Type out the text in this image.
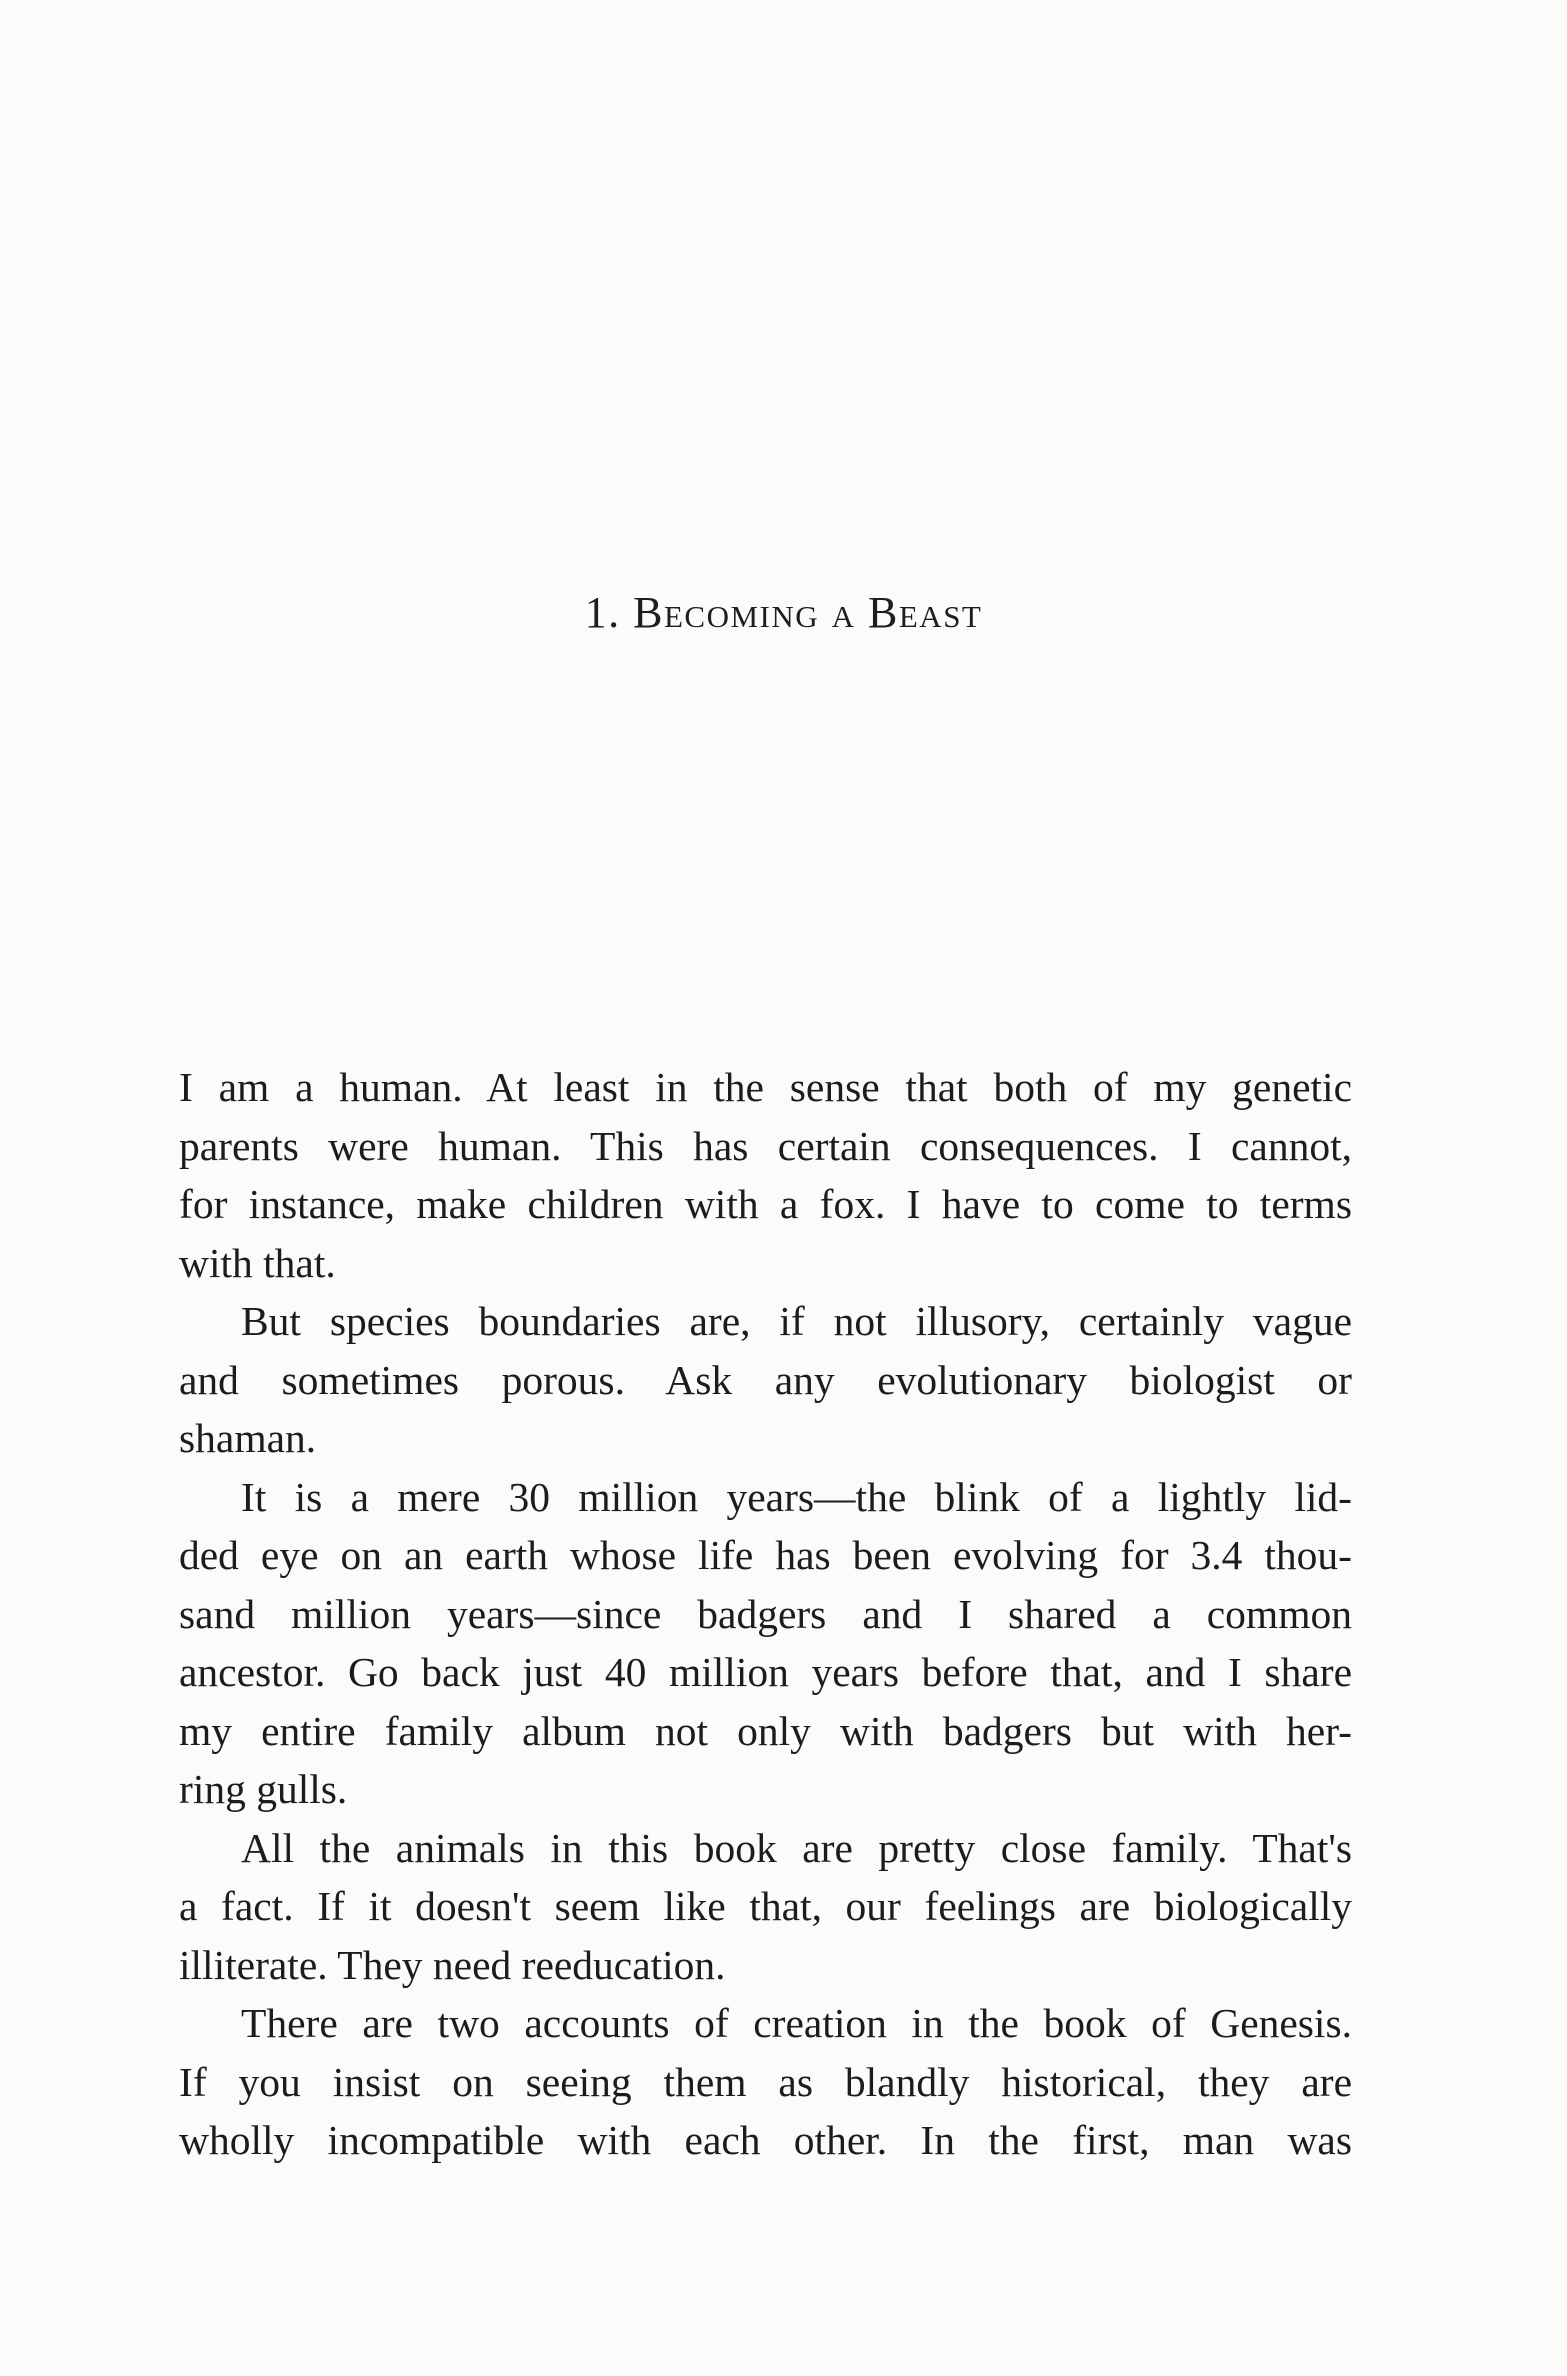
1. Becoming a Beast
I am a human. At least in the sense that both of my genetic
parents were human. This has certain consequences. I cannot,
for instance, make children with a fox. I have to come to terms
with that.
But species boundaries are, if not illusory, certainly vague
and sometimes porous. Ask any evolutionary biologist or
shaman.
It is a mere 30 million years—the blink of a lightly lid-
ded eye on an earth whose life has been evolving for 3.4 thou-
sand million years—since badgers and I shared a common
ancestor. Go back just 40 million years before that, and I share
my entire family album not only with badgers but with her-
ring gulls.
All the animals in this book are pretty close family. That's
a fact. If it doesn't seem like that, our feelings are biologically
illiterate. They need reeducation.
There are two accounts of creation in the book of Genesis.
If you insist on seeing them as blandly historical, they are
wholly incompatible with each other. In the first, man was
